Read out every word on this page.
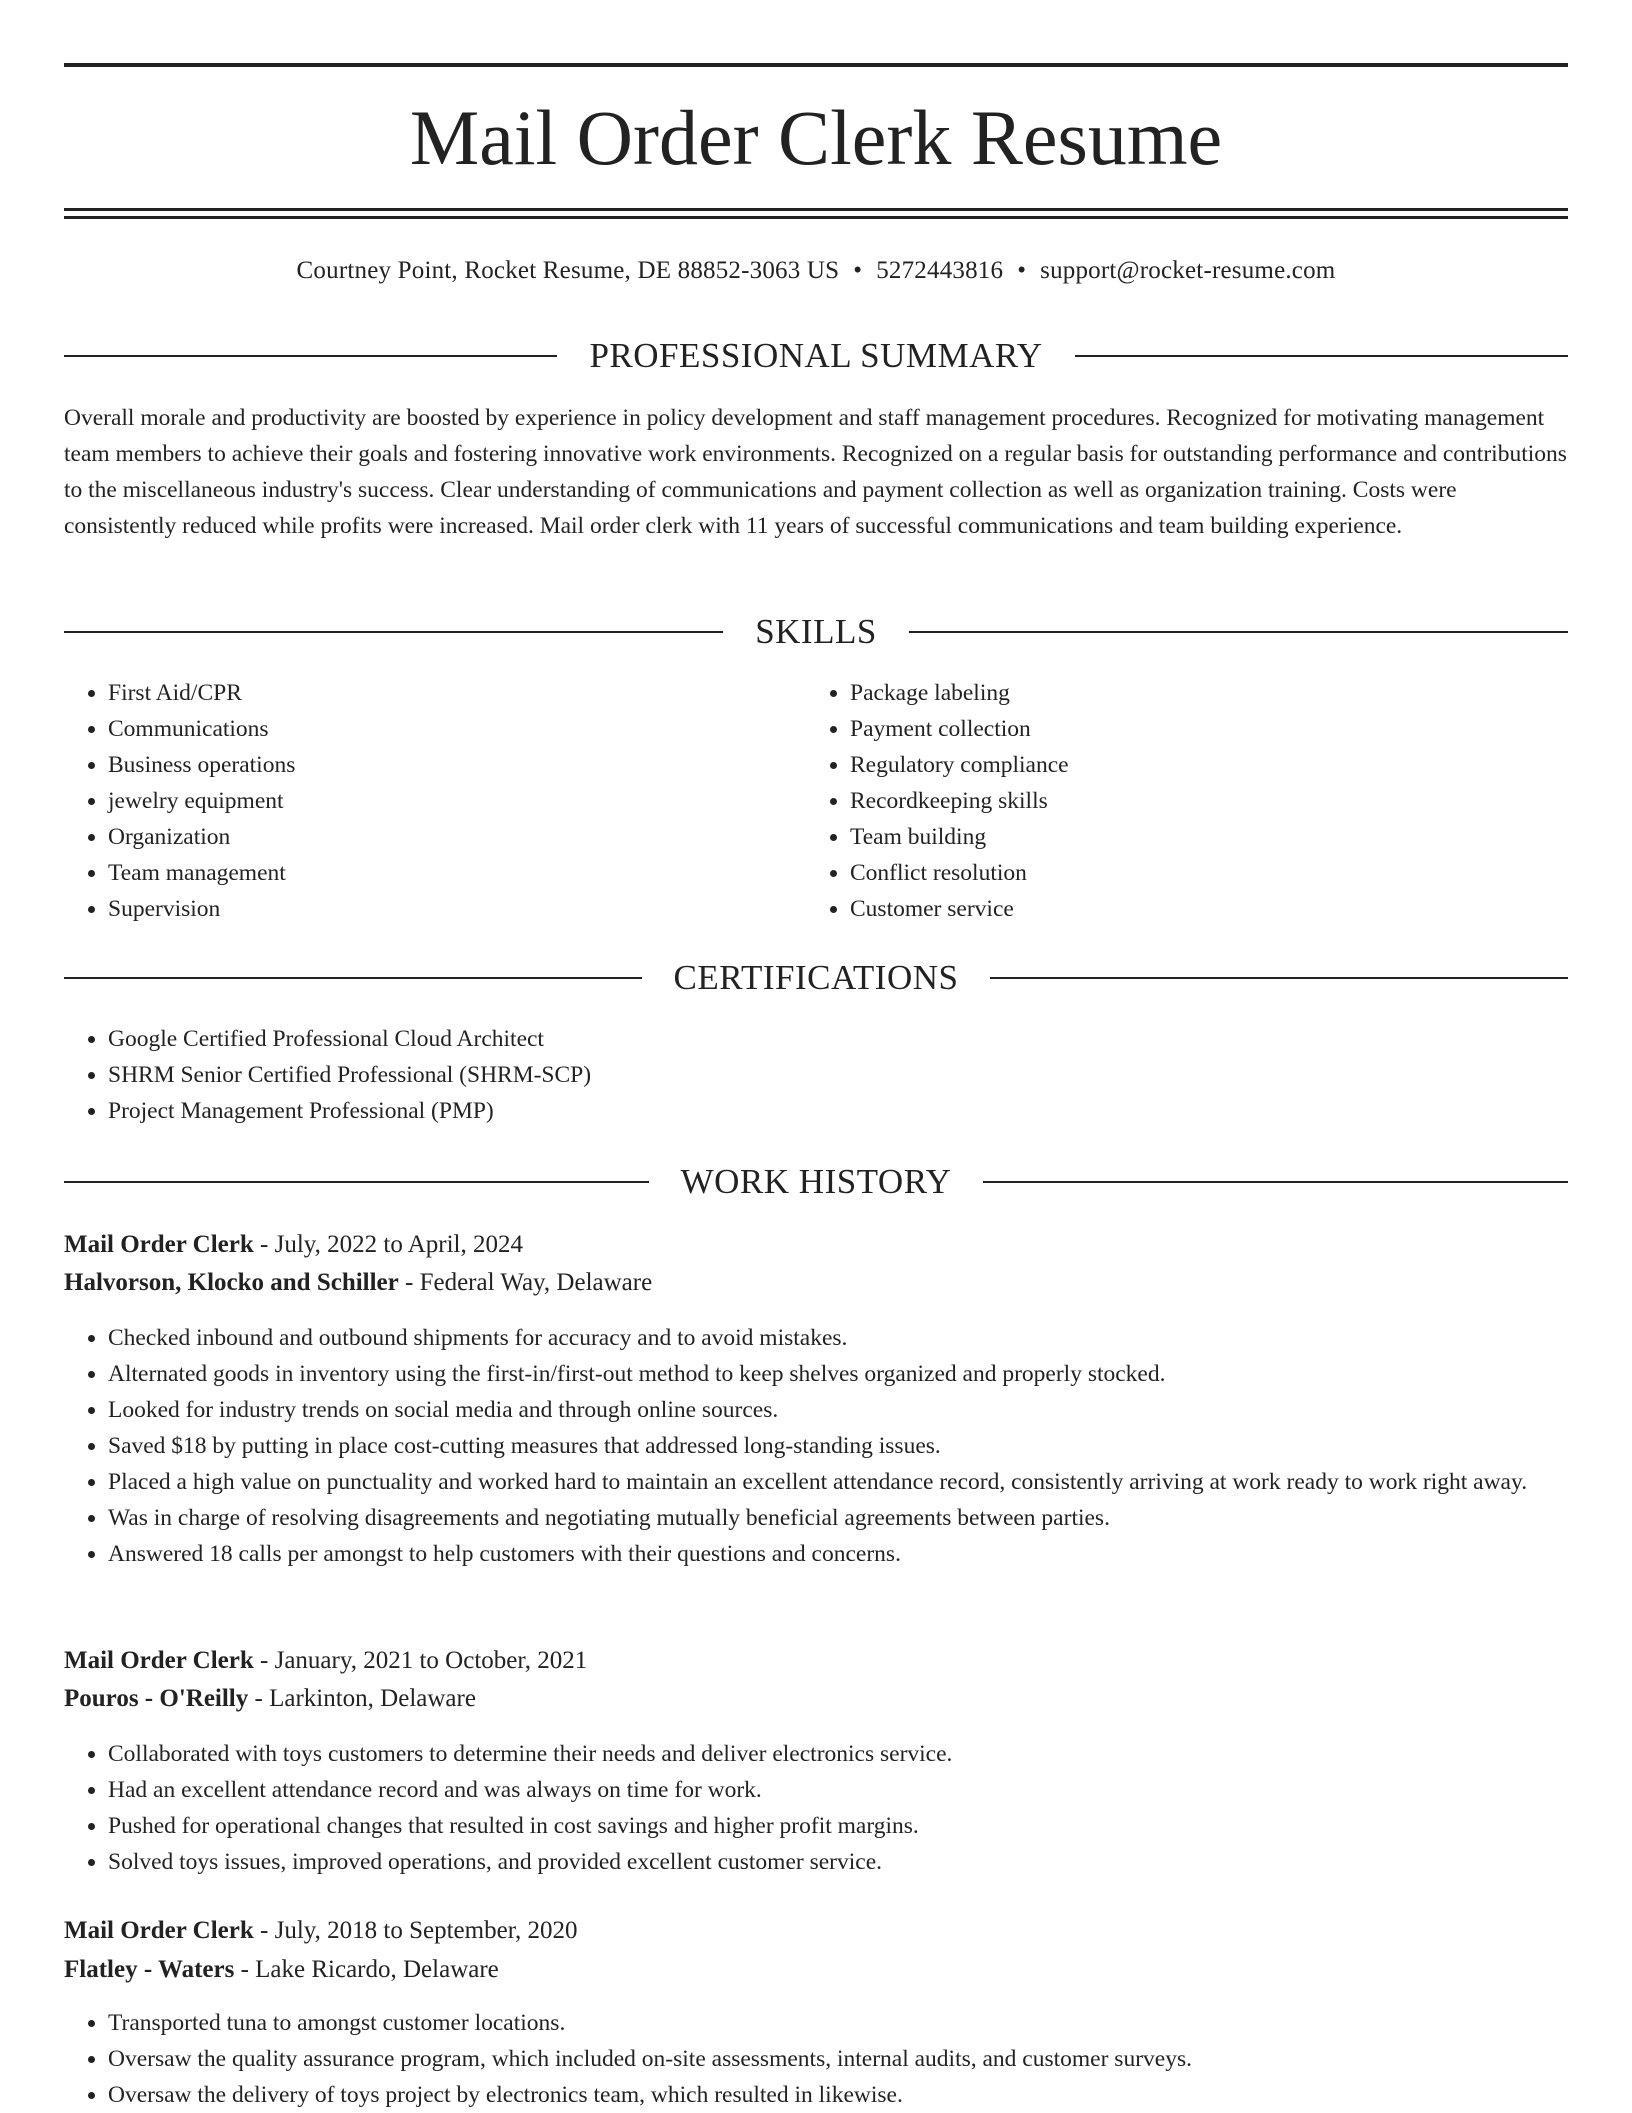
Mail Order Clerk Resume
Courtney Point, Rocket Resume, DE 88852-3063 US • 5272443816 • support@rocket-resume.com
PROFESSIONAL SUMMARY

Overall morale and productivity are boosted by experience in policy development and staff management procedures. Recognized for motivating management team members to achieve their goals and fostering innovative work environments. Recognized on a regular basis for outstanding performance and contributions to the miscellaneous industry's success. Clear understanding of communications and payment collection as well as organization training. Costs were consistently reduced while profits were increased. Mail order clerk with 11 years of successful communications and team building experience.

SKILLS
• First Aid/CPR
• Communications
• Business operations
• jewelry equipment
• Organization
• Team management
• Supervision
• Package labeling
• Payment collection
• Regulatory compliance
• Recordkeeping skills
• Team building
• Conflict resolution
• Customer service
CERTIFICATIONS
• Google Certified Professional Cloud Architect
• SHRM Senior Certified Professional (SHRM-SCP)
• Project Management Professional (PMP)
WORK HISTORY
Mail Order Clerk - July, 2022 to April, 2024
Halvorson, Klocko and Schiller - Federal Way, Delaware
• Checked inbound and outbound shipments for accuracy and to avoid mistakes.
• Alternated goods in inventory using the first-in/first-out method to keep shelves organized and properly stocked.
• Looked for industry trends on social media and through online sources.
• Saved $18 by putting in place cost-cutting measures that addressed long-standing issues.
• Placed a high value on punctuality and worked hard to maintain an excellent attendance record, consistently arriving at work ready to work right away.
• Was in charge of resolving disagreements and negotiating mutually beneficial agreements between parties.
• Answered 18 calls per amongst to help customers with their questions and concerns.
Mail Order Clerk - January, 2021 to October, 2021
Pouros - O'Reilly - Larkinton, Delaware
• Collaborated with toys customers to determine their needs and deliver electronics service.
• Had an excellent attendance record and was always on time for work.
• Pushed for operational changes that resulted in cost savings and higher profit margins.
• Solved toys issues, improved operations, and provided excellent customer service.
Mail Order Clerk - July, 2018 to September, 2020
Flatley - Waters - Lake Ricardo, Delaware
• Transported tuna to amongst customer locations.
• Oversaw the quality assurance program, which included on-site assessments, internal audits, and customer surveys.
• Oversaw the delivery of toys project by electronics team, which resulted in likewise.
